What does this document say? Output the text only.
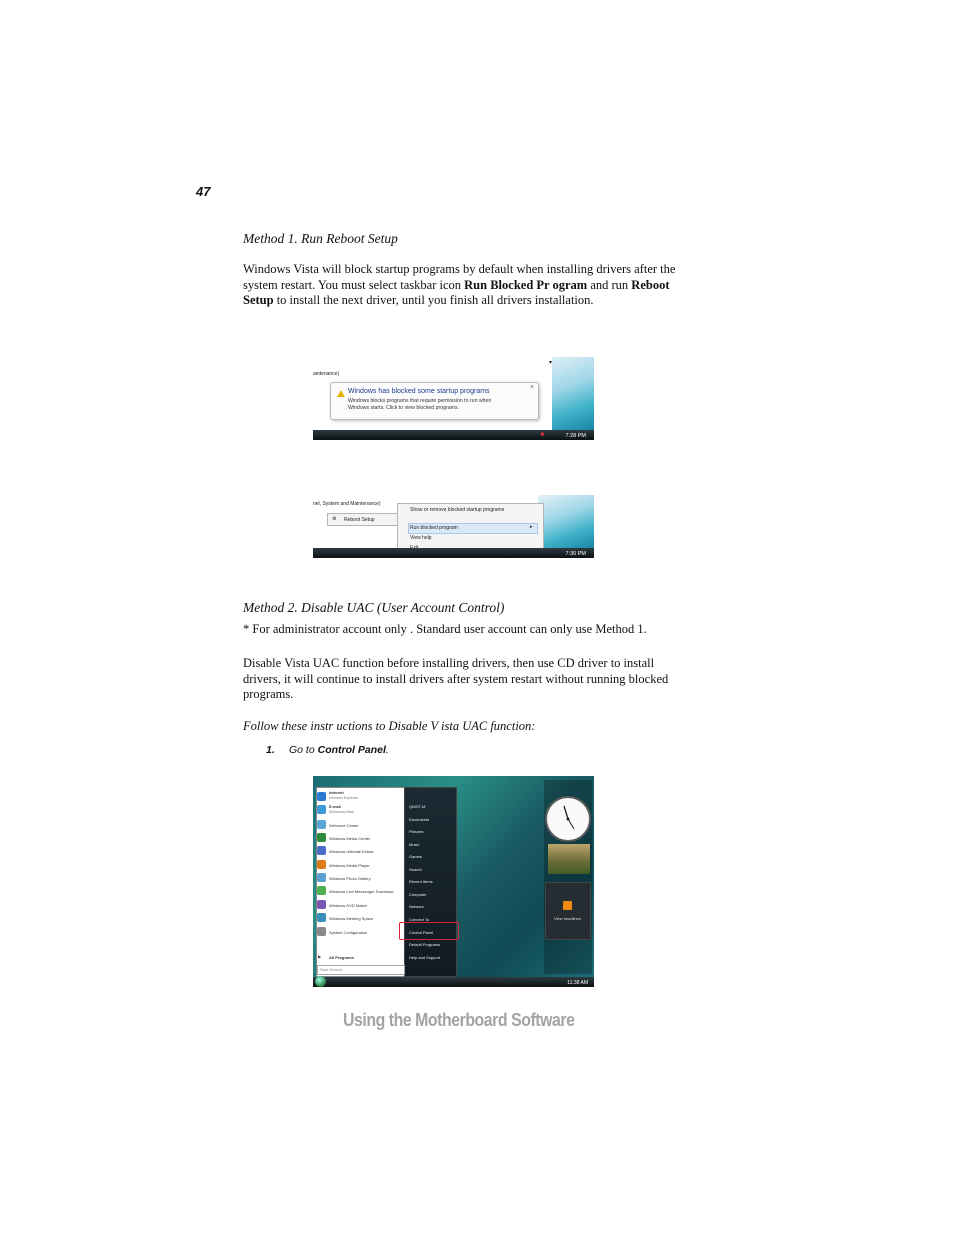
47
Method 1. Run Reboot Setup
Windows Vista will block startup programs by default when installing drivers after the system restart. You must select taskbar icon Run Blocked Pr ogram and run Reboot Setup to install the next driver, until you finish all drivers installation.
aintenance)
▾
Windows has blocked some startup programs
Windows blocks programs that require permission to run when
Windows starts. Click to view blocked programs.
×
■	7:28 PM
nel, System and Maintenance)
⚙ Reboot Setup
Show or remove blocked startup programs
Run blocked program	▸
View help
7:30 PM
Method 2. Disable UAC (User Account Control)
* For administrator account only . Standard user account can only use Method 1.
Disable Vista UAC function before installing drivers, then use CD driver to install drivers, it will continue to install drivers after system restart without running blocked programs.
Follow these instr uctions to Disable V ista UAC function:
1. Go to Control Panel.
View headlines
Internet
Internet Explorer
E-mail
Windows Mail
Welcome Center
Windows Media Center
Windows Ultimate Extras
Windows Media Player
Windows Photo Gallery
Windows Live Messenger Download
Windows DVD Maker
Windows Meeting Space
System Configuration
▶ All Programs
Start Search
QBIST-M
Documents
Pictures
Music
Games
Search
Recent Items
Computer
Network
Connect To
Control Panel
Default Programs
Help and Support
11:38 AM
Using the Motherboard Software
